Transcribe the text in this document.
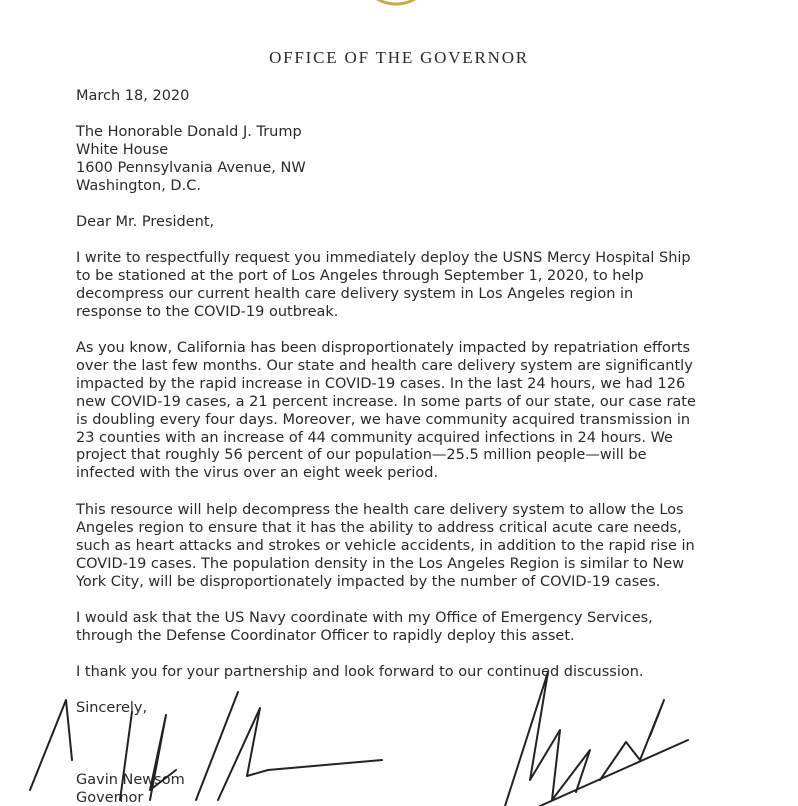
OFFICE OF THE GOVERNOR
March 18, 2020
The Honorable Donald J. Trump
White House
1600 Pennsylvania Avenue, NW
Washington, D.C.
Dear Mr. President,
I write to respectfully request you immediately deploy the USNS Mercy Hospital Ship to be stationed at the port of Los Angeles through September 1, 2020, to help decompress our current health care delivery system in Los Angeles region in response to the COVID-19 outbreak.
As you know, California has been disproportionately impacted by repatriation efforts over the last few months. Our state and health care delivery system are significantly impacted by the rapid increase in COVID-19 cases. In the last 24 hours, we had 126 new COVID-19 cases, a 21 percent increase. In some parts of our state, our case rate is doubling every four days. Moreover, we have community acquired transmission in 23 counties with an increase of 44 community acquired infections in 24 hours. We project that roughly 56 percent of our population—25.5 million people—will be infected with the virus over an eight week period.
This resource will help decompress the health care delivery system to allow the Los Angeles region to ensure that it has the ability to address critical acute care needs, such as heart attacks and strokes or vehicle accidents, in addition to the rapid rise in COVID-19 cases. The population density in the Los Angeles Region is similar to New York City, will be disproportionately impacted by the number of COVID-19 cases.
I would ask that the US Navy coordinate with my Office of Emergency Services, through the Defense Coordinator Officer to rapidly deploy this asset.
I thank you for your partnership and look forward to our continued discussion.
Sincerely,
Gavin Newsom
Governor
